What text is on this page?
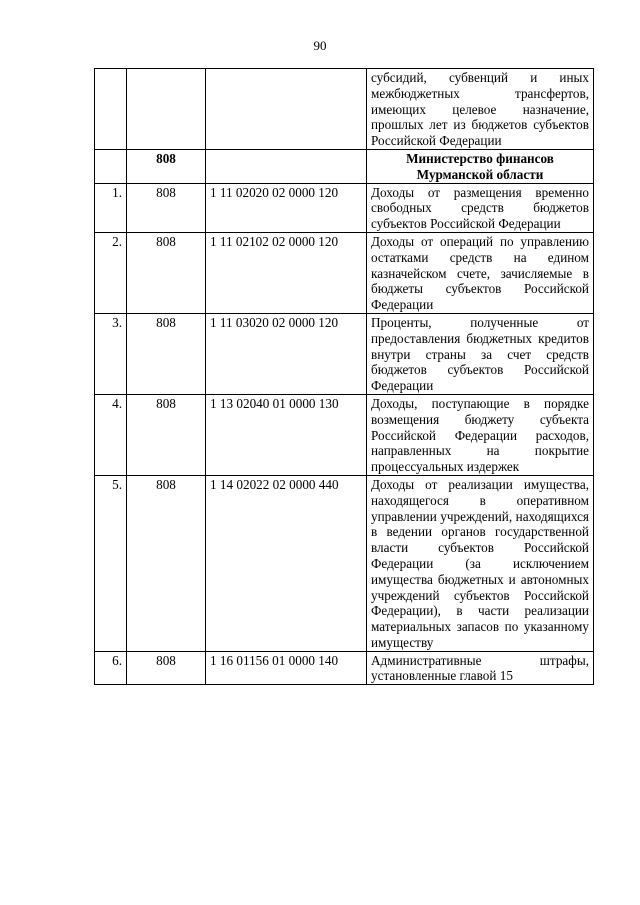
90
			субсидий, субвенций и иных межбюджетных трансфертов, имеющих целевое назначение, прошлых лет из бюджетов субъектов Российской Федерации
	808		Министерство финансов Мурманской области
1.	808	1 11 02020 02 0000 120	Доходы от размещения временно свободных средств бюджетов субъектов Российской Федерации
2.	808	1 11 02102 02 0000 120	Доходы от операций по управлению остатками средств на едином казначейском счете, зачисляемые в бюджеты субъектов Российской Федерации
3.	808	1 11 03020 02 0000 120	Проценты, полученные от предоставления бюджетных кредитов внутри страны за счет средств бюджетов субъектов Российской Федерации
4.	808	1 13 02040 01 0000 130	Доходы, поступающие в порядке возмещения бюджету субъекта Российской Федерации расходов, направленных на покрытие процессуальных издержек
5.	808	1 14 02022 02 0000 440	Доходы от реализации имущества, находящегося в оперативном управлении учреждений, находящихся в ведении органов государственной власти субъектов Российской Федерации (за исключением имущества бюджетных и автономных учреждений субъектов Российской Федерации), в части реализации материальных запасов по указанному имуществу
6.	808	1 16 01156 01 0000 140	Административные штрафы, установленные главой 15
